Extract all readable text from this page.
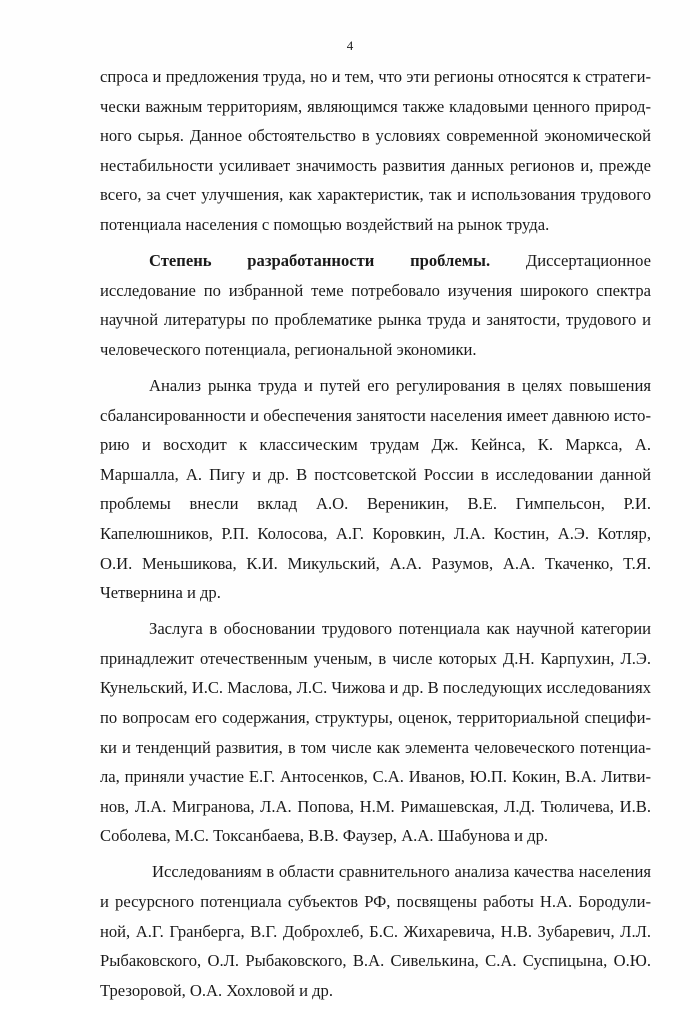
4

спроса и предложения труда, но и тем, что эти регионы относятся к стратегически важным территориям, являющимся также кладовыми ценного природного сырья. Данное обстоятельство в условиях современной экономической нестабильности усиливает значимость развития данных регионов и, прежде всего, за счет улучшения, как характеристик, так и использования трудового потенциала населения с помощью воздействий на рынок труда.

Степень разработанности проблемы. Диссертационное исследование по избранной теме потребовало изучения широкого спектра научной литературы по проблематике рынка труда и занятости, трудового и человеческого потенциала, региональной экономики.

Анализ рынка труда и путей его регулирования в целях повышения сбалансированности и обеспечения занятости населения имеет давнюю историю и восходит к классическим трудам Дж. Кейнса, К. Маркса, А. Маршалла, А. Пигу и др. В постсоветской России в исследовании данной проблемы внесли вклад А.О. Вереникин, В.Е. Гимпельсон, Р.И. Капелюшников, Р.П. Колосова, А.Г. Коровкин, Л.А. Костин, А.Э. Котляр, О.И. Меньшикова, К.И. Микульский, А.А. Разумов, А.А. Ткаченко, Т.Я. Четвернина и др.

Заслуга в обосновании трудового потенциала как научной категории принадлежит отечественным ученым, в числе которых Д.Н. Карпухин, Л.Э. Кунельский, И.С. Маслова, Л.С. Чижова и др. В последующих исследованиях по вопросам его содержания, структуры, оценок, территориальной специфики и тенденций развития, в том числе как элемента человеческого потенциала, приняли участие Е.Г. Антосенков, С.А. Иванов, Ю.П. Кокин, В.А. Литвинов, Л.А. Мигранова, Л.А. Попова, Н.М. Римашевская, Л.Д. Тюличева, И.В. Соболева, М.С. Токсанбаева, В.В. Фаузер, А.А. Шабунова и др.

Исследованиям в области сравнительного анализа качества населения и ресурсного потенциала субъектов РФ, посвящены работы Н.А. Бородулиной, А.Г. Гранберга, В.Г. Доброхлеб, Б.С. Жихаревича, Н.В. Зубаревич, Л.Л. Рыбаковского, О.Л. Рыбаковского, В.А. Сивелькина, С.А. Суспицына, О.Ю. Трезоровой, О.А. Хохловой и др.
